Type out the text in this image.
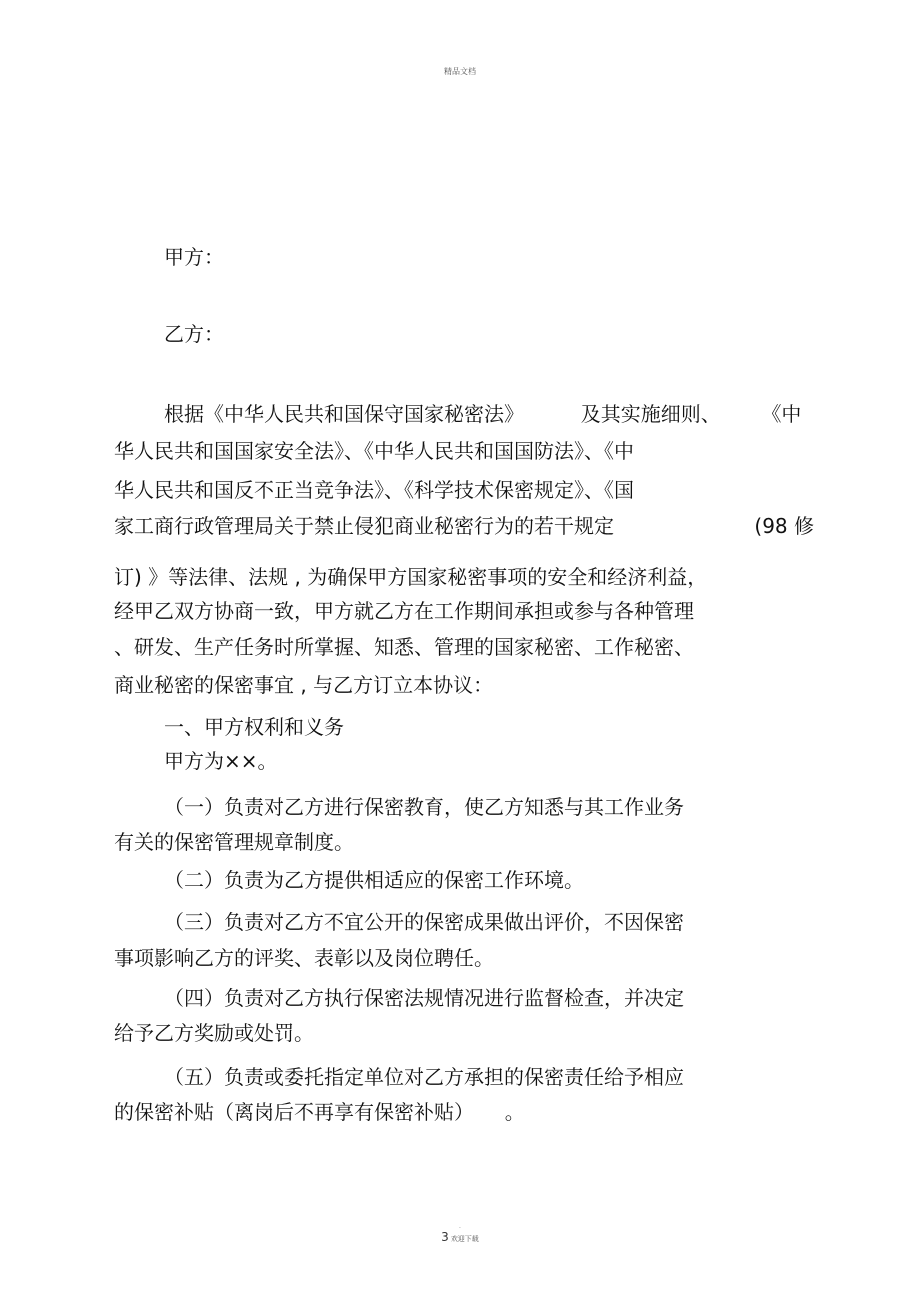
精品文档
甲方：
乙方：
根据《中华人民共和国保守国家秘密法》	及其实施细则、 《中
华人民共和国国家安全法》、《中华人民共和国国防法》、《中
华人民共和国反不正当竞争法》、《科学技术保密规定》、《国
家工商行政管理局关于禁止侵犯商业秘密行为的若干规定	(98 修
订) 》等法律、法规 , 为确保甲方国家秘密事项的安全和经济利益，
经甲乙双方协商一致，甲方就乙方在工作期间承担或参与各种管理
、研发、生产任务时所掌握、知悉、管理的国家秘密、工作秘密、
商业秘密的保密事宜 , 与乙方订立本协议：
一、甲方权利和义务
甲方为××。
（一）负责对乙方进行保密教育，使乙方知悉与其工作业务
有关的保密管理规章制度。
（二）负责为乙方提供相适应的保密工作环境。
（三）负责对乙方不宜公开的保密成果做出评价，不因保密
事项影响乙方的评奖、表彰以及岗位聘任。
（四）负责对乙方执行保密法规情况进行监督检查，并决定
给予乙方奖励或处罚。
（五）负责或委托指定单位对乙方承担的保密责任给予相应
的保密补贴（离岗后不再享有保密补贴） 。
.
3 欢迎下载
